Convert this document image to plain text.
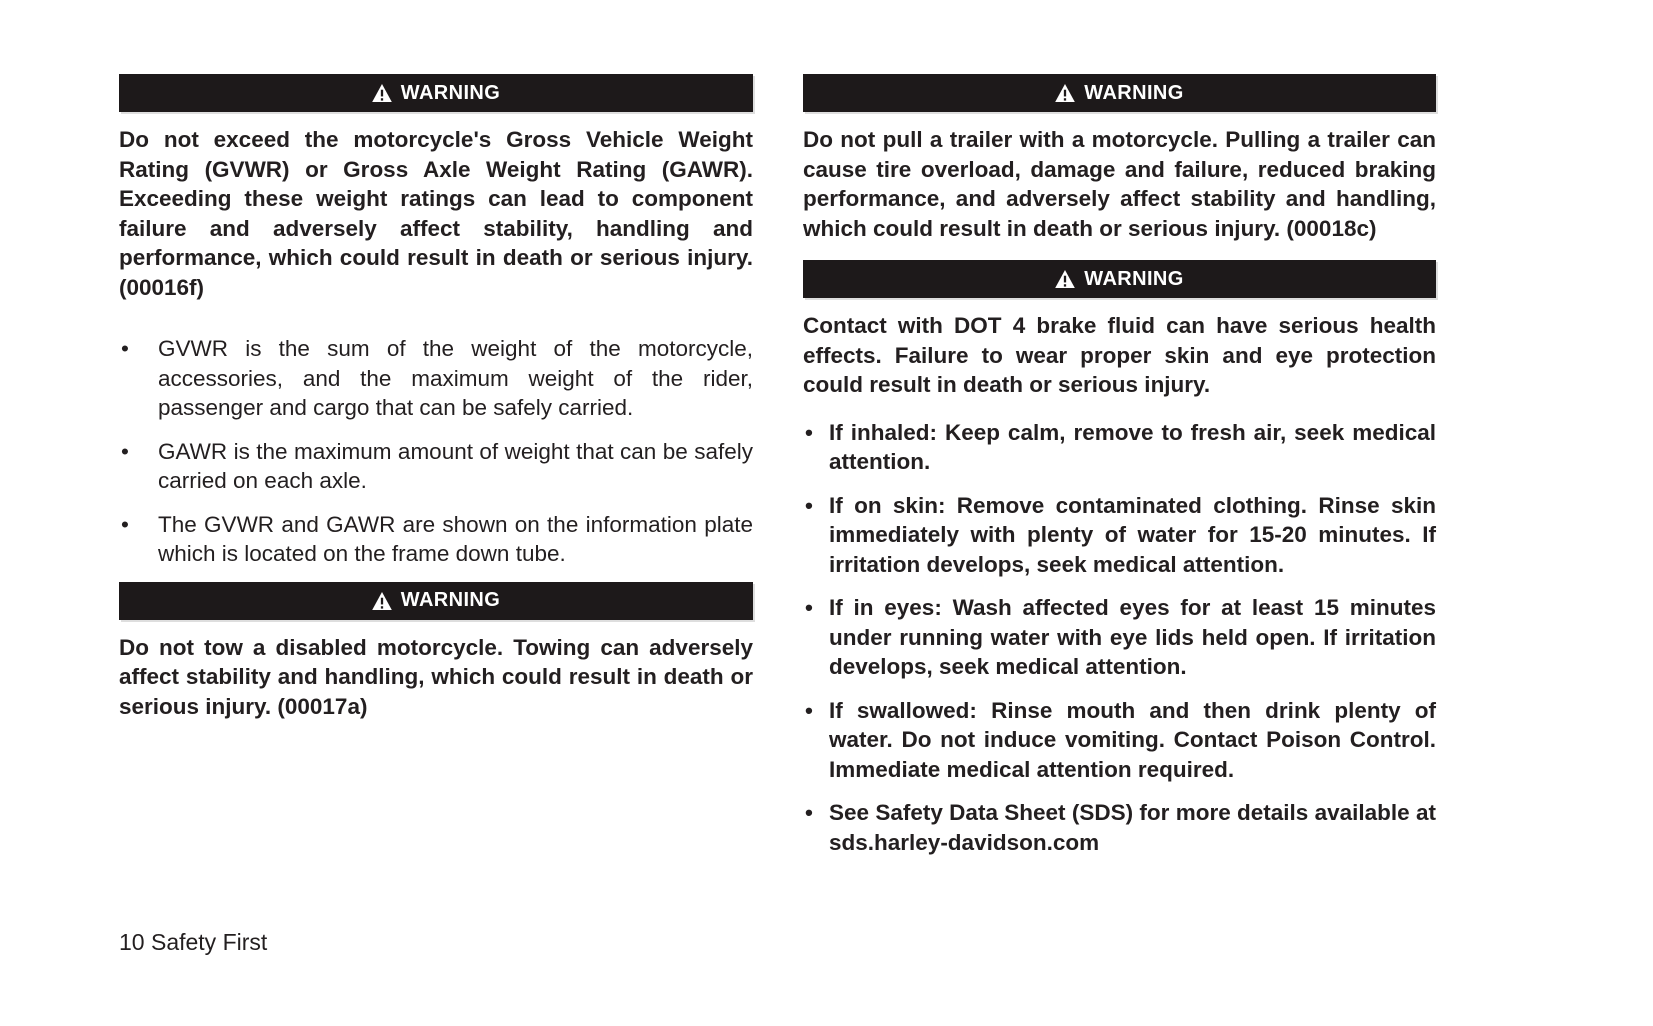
WARNING

Do not exceed the motorcycle's Gross Vehicle Weight Rating (GVWR) or Gross Axle Weight Rating (GAWR). Exceeding these weight ratings can lead to component failure and adversely affect stability, handling and performance, which could result in death or serious injury. (00016f)

• GVWR is the sum of the weight of the motorcycle, accessories, and the maximum weight of the rider, passenger and cargo that can be safely carried.
• GAWR is the maximum amount of weight that can be safely carried on each axle.
• The GVWR and GAWR are shown on the information plate which is located on the frame down tube.
WARNING

Do not tow a disabled motorcycle. Towing can adversely affect stability and handling, which could result in death or serious injury. (00017a)

WARNING

Do not pull a trailer with a motorcycle. Pulling a trailer can cause tire overload, damage and failure, reduced braking performance, and adversely affect stability and handling, which could result in death or serious injury. (00018c)

WARNING

Contact with DOT 4 brake fluid can have serious health effects. Failure to wear proper skin and eye protection could result in death or serious injury.

• If inhaled: Keep calm, remove to fresh air, seek medical attention.
• If on skin: Remove contaminated clothing. Rinse skin immediately with plenty of water for 15-20 minutes. If irritation develops, seek medical attention.
• If in eyes: Wash affected eyes for at least 15 minutes under running water with eye lids held open. If irritation develops, seek medical attention.
• If swallowed: Rinse mouth and then drink plenty of water. Do not induce vomiting. Contact Poison Control. Immediate medical attention required.
• See Safety Data Sheet (SDS) for more details available at sds.harley-davidson.com
10 Safety First
